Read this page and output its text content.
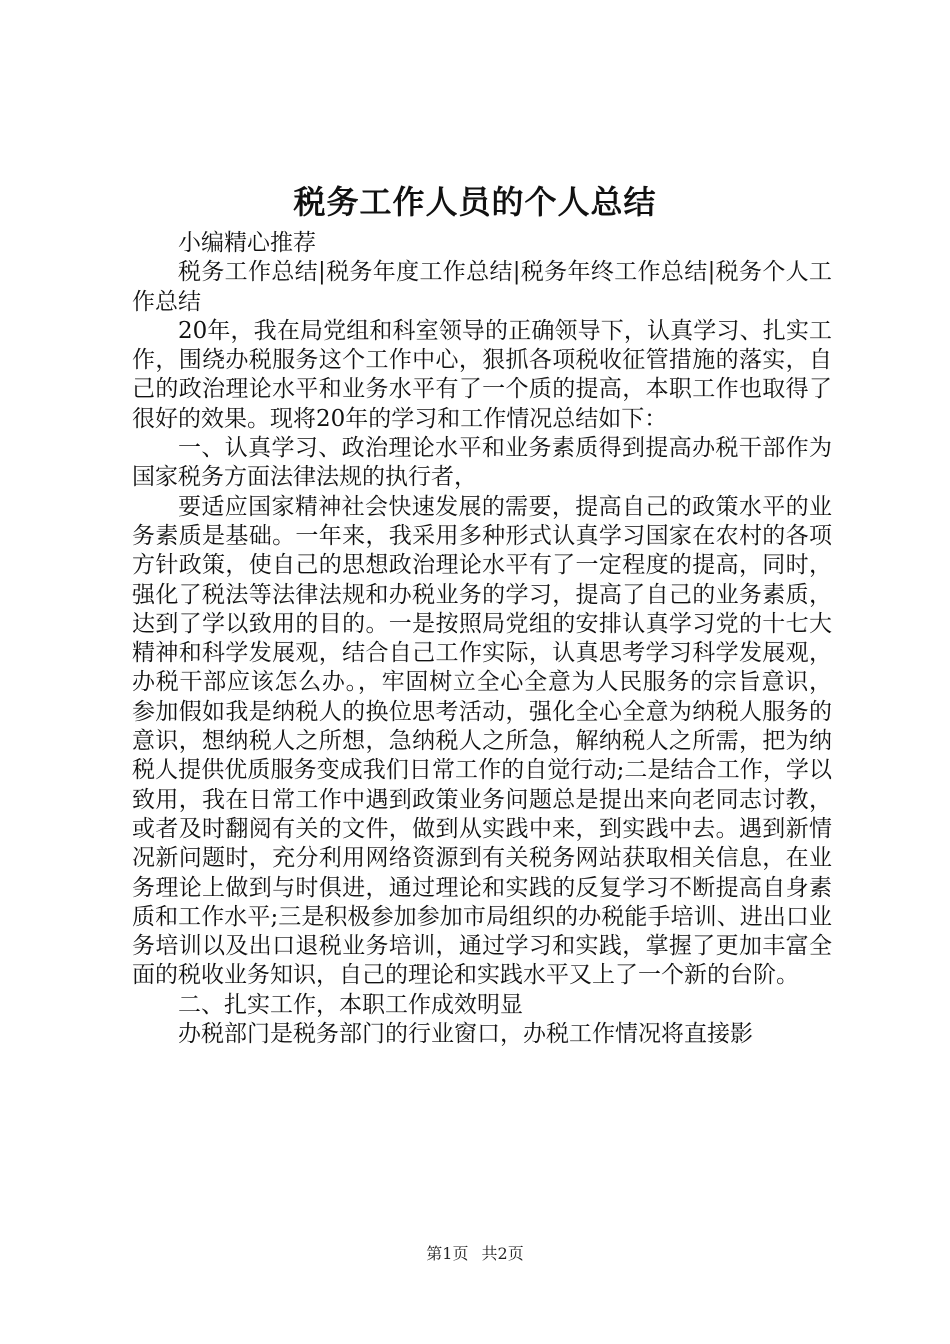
税务工作人员的个人总结

小编精心推荐

税务工作总结|税务年度工作总结|税务年终工作总结|税务个人工作总结

20年，我在局党组和科室领导的正确领导下，认真学习、扎实工作，围绕办税服务这个工作中心，狠抓各项税收征管措施的落实，自己的政治理论水平和业务水平有了一个质的提高，本职工作也取得了很好的效果。现将20年的学习和工作情况总结如下：

一、认真学习、政治理论水平和业务素质得到提高办税干部作为国家税务方面法律法规的执行者，

要适应国家精神社会快速发展的需要，提高自己的政策水平的业务素质是基础。一年来，我采用多种形式认真学习国家在农村的各项方针政策，使自己的思想政治理论水平有了一定程度的提高，同时，强化了税法等法律法规和办税业务的学习，提高了自己的业务素质，达到了学以致用的目的。一是按照局党组的安排认真学习党的十七大精神和科学发展观，结合自己工作实际，认真思考学习科学发展观，办税干部应该怎么办。，牢固树立全心全意为人民服务的宗旨意识，参加假如我是纳税人的换位思考活动，强化全心全意为纳税人服务的意识，想纳税人之所想，急纳税人之所急，解纳税人之所需，把为纳税人提供优质服务变成我们日常工作的自觉行动;二是结合工作，学以致用，我在日常工作中遇到政策业务问题总是提出来向老同志讨教，或者及时翻阅有关的文件，做到从实践中来，到实践中去。遇到新情况新问题时，充分利用网络资源到有关税务网站获取相关信息，在业务理论上做到与时俱进，通过理论和实践的反复学习不断提高自身素质和工作水平;三是积极参加参加市局组织的办税能手培训、进出口业务培训以及出口退税业务培训，通过学习和实践，掌握了更加丰富全面的税收业务知识，自己的理论和实践水平又上了一个新的台阶。

二、扎实工作，本职工作成效明显

办税部门是税务部门的行业窗口，办税工作情况将直接影

第1页 共2页
